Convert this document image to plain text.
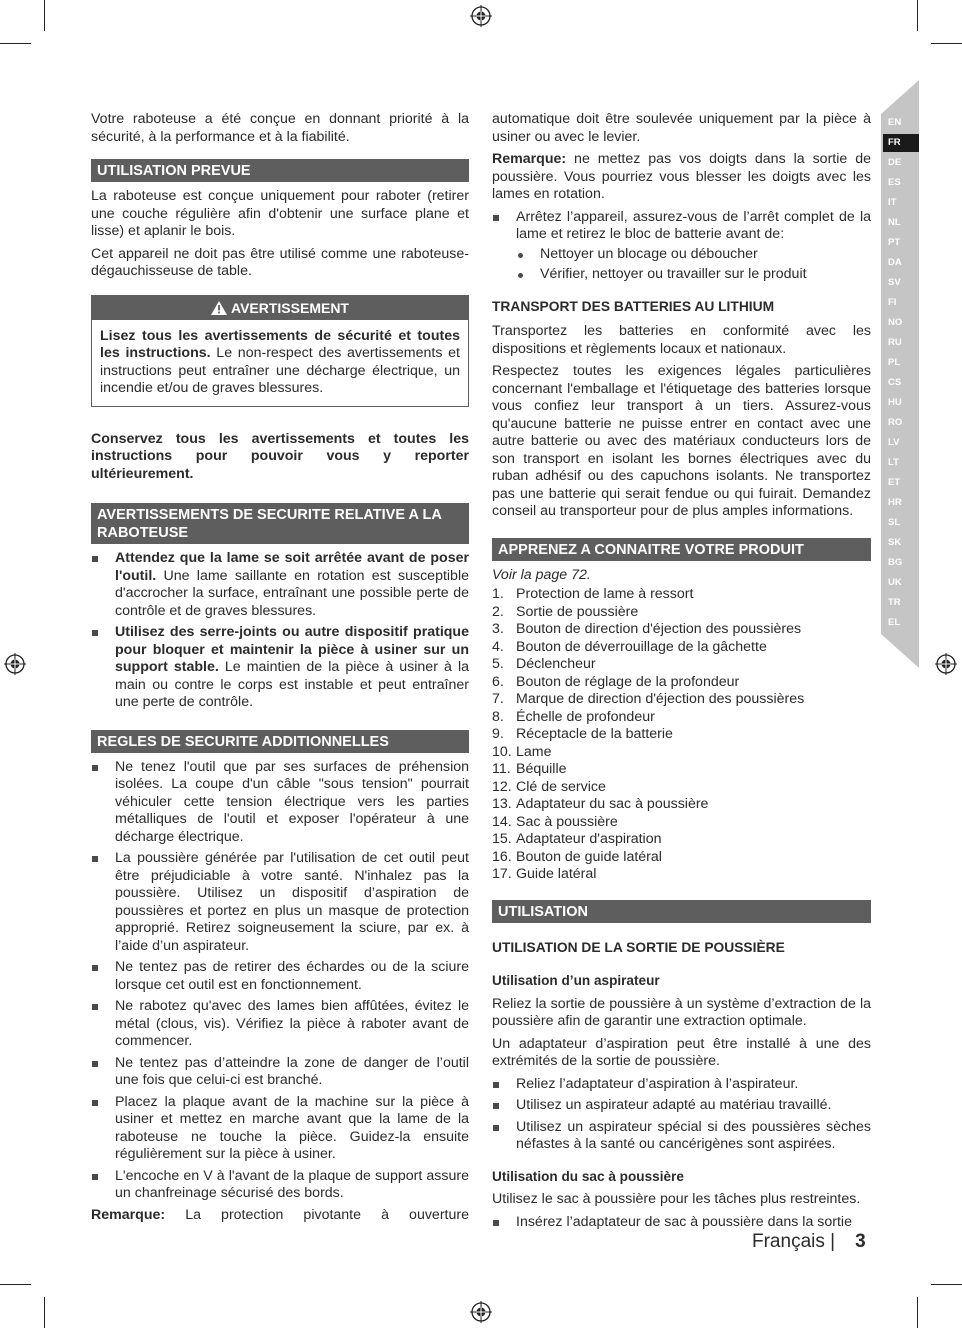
EN
FR
DE
ES
IT
NL
PT
DA
SV
FI
NO
RU
PL
CS
HU
RO
LV
LT
ET
HR
SL
SK
BG
UK
TR
EL

Votre raboteuse a été conçue en donnant priorité à la sécurité, à la performance et à la fiabilité.

UTILISATION PREVUE

La raboteuse est conçue uniquement pour raboter (retirer une couche régulière afin d'obtenir une surface plane et lisse) et aplanir le bois.

Cet appareil ne doit pas être utilisé comme une raboteuse-dégauchisseuse de table.

AVERTISSEMENT
Lisez tous les avertissements de sécurité et toutes les instructions. Le non-respect des avertissements et instructions peut entraîner une décharge électrique, un incendie et/ou de graves blessures.

Conservez tous les avertissements et toutes les instructions pour pouvoir vous y reporter ultérieurement.

AVERTISSEMENTS DE SECURITE RELATIVE A LA RABOTEUSE
Attendez que la lame se soit arrêtée avant de poser l'outil. Une lame saillante en rotation est susceptible d'accrocher la surface, entraînant une possible perte de contrôle et de graves blessures.
Utilisez des serre-joints ou autre dispositif pratique pour bloquer et maintenir la pièce à usiner sur un support stable. Le maintien de la pièce à usiner à la main ou contre le corps est instable et peut entraîner une perte de contrôle.
REGLES DE SECURITE ADDITIONNELLES
Ne tenez l'outil que par ses surfaces de préhension isolées. La coupe d'un câble "sous tension" pourrait véhiculer cette tension électrique vers les parties métalliques de l'outil et exposer l'opérateur à une décharge électrique.
La poussière générée par l'utilisation de cet outil peut être préjudiciable à votre santé. N'inhalez pas la poussière. Utilisez un dispositif d’aspiration de poussières et portez en plus un masque de protection approprié. Retirez soigneusement la sciure, par ex. à l’aide d’un aspirateur.
Ne tentez pas de retirer des échardes ou de la sciure lorsque cet outil est en fonctionnement.
Ne rabotez qu'avec des lames bien affûtées, évitez le métal (clous, vis). Vérifiez la pièce à raboter avant de commencer.
Ne tentez pas d’atteindre la zone de danger de l’outil une fois que celui-ci est branché.
Placez la plaque avant de la machine sur la pièce à usiner et mettez en marche avant que la lame de la raboteuse ne touche la pièce. Guidez-la ensuite régulièrement sur la pièce à usiner.
L'encoche en V à l'avant de la plaque de support assure un chanfreinage sécurisé des bords.

Remarque: La protection pivotante à ouverture

automatique doit être soulevée uniquement par la pièce à usiner ou avec le levier.

Remarque: ne mettez pas vos doigts dans la sortie de poussière. Vous pourriez vous blesser les doigts avec les lames en rotation.

Arrêtez l’appareil, assurez-vous de l’arrêt complet de la lame et retirez le bloc de batterie avant de:
Nettoyer un blocage ou déboucher
Vérifier, nettoyer ou travailler sur le produit
TRANSPORT DES BATTERIES AU LITHIUM

Transportez les batteries en conformité avec les dispositions et règlements locaux et nationaux.

Respectez toutes les exigences légales particulières concernant l'emballage et l'étiquetage des batteries lorsque vous confiez leur transport à un tiers. Assurez-vous qu'aucune batterie ne puisse entrer en contact avec une autre batterie ou avec des matériaux conducteurs lors de son transport en isolant les bornes électriques avec du ruban adhésif ou des capuchons isolants. Ne transportez pas une batterie qui serait fendue ou qui fuirait. Demandez conseil au transporteur pour de plus amples informations.

APPRENEZ A CONNAITRE VOTRE PRODUIT

Voir la page 72.

1. Protection de lame à ressort
2. Sortie de poussière
3. Bouton de direction d'éjection des poussières
4. Bouton de déverrouillage de la gâchette
5. Déclencheur
6. Bouton de réglage de la profondeur
7. Marque de direction d'éjection des poussières
8. Échelle de profondeur
9. Réceptacle de la batterie
10. Lame
11. Béquille
12. Clé de service
13. Adaptateur du sac à poussière
14. Sac à poussière
15. Adaptateur d'aspiration
16. Bouton de guide latéral
17. Guide latéral
UTILISATION
UTILISATION DE LA SORTIE DE POUSSIÈRE
Utilisation d’un aspirateur

Reliez la sortie de poussière à un système d’extraction de la poussière afin de garantir une extraction optimale.

Un adaptateur d’aspiration peut être installé à une des extrémités de la sortie de poussière.

Reliez l’adaptateur d’aspiration à l’aspirateur.
Utilisez un aspirateur adapté au matériau travaillé.
Utilisez un aspirateur spécial si des poussières sèches néfastes à la santé ou cancérigènes sont aspirées.
Utilisation du sac à poussière

Utilisez le sac à poussière pour les tâches plus restreintes.

Insérez l’adaptateur de sac à poussière dans la sortie
Français | 3
